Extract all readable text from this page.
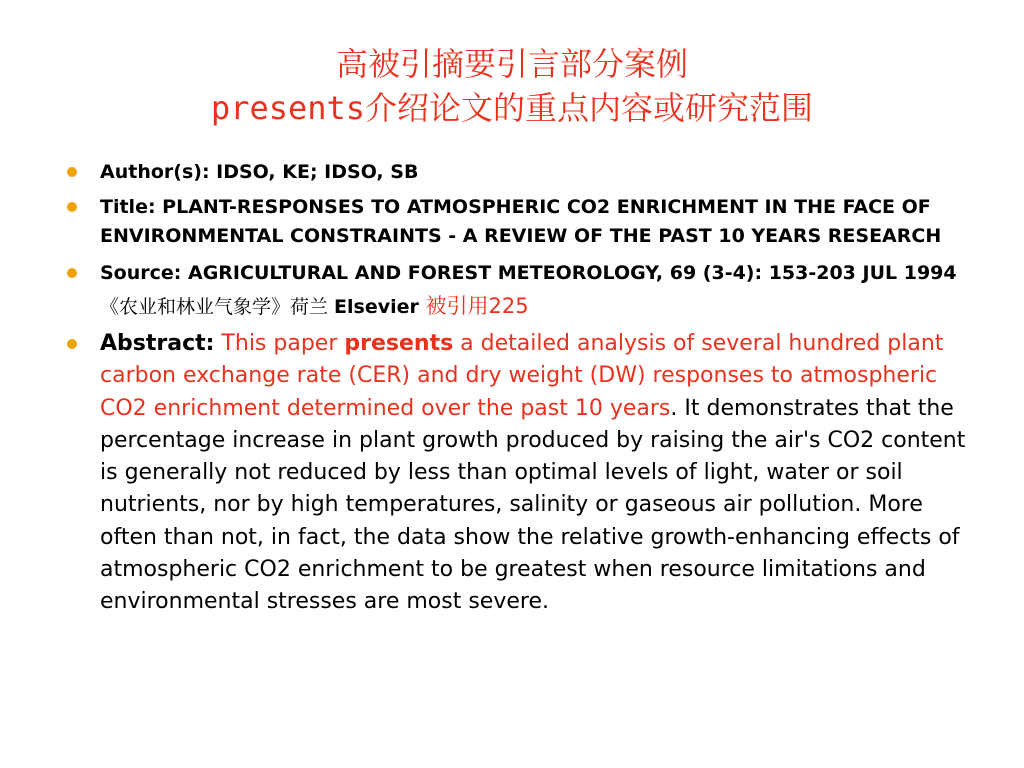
高被引摘要引言部分案例
presents介绍论文的重点内容或研究范围
Author(s): IDSO, KE; IDSO, SB
Title: PLANT-RESPONSES TO ATMOSPHERIC CO2 ENRICHMENT IN THE FACE OF ENVIRONMENTAL CONSTRAINTS - A REVIEW OF THE PAST 10 YEARS RESEARCH
Source: AGRICULTURAL AND FOREST METEOROLOGY, 69 (3-4): 153-203 JUL 1994 《农业和林业气象学》荷兰 Elsevier 被引用225
Abstract: This paper presents a detailed analysis of several hundred plant carbon exchange rate (CER) and dry weight (DW) responses to atmospheric CO2 enrichment determined over the past 10 years. It demonstrates that the percentage increase in plant growth produced by raising the air's CO2 content is generally not reduced by less than optimal levels of light, water or soil nutrients, nor by high temperatures, salinity or gaseous air pollution. More often than not, in fact, the data show the relative growth-enhancing effects of atmospheric CO2 enrichment to be greatest when resource limitations and environmental stresses are most severe.
